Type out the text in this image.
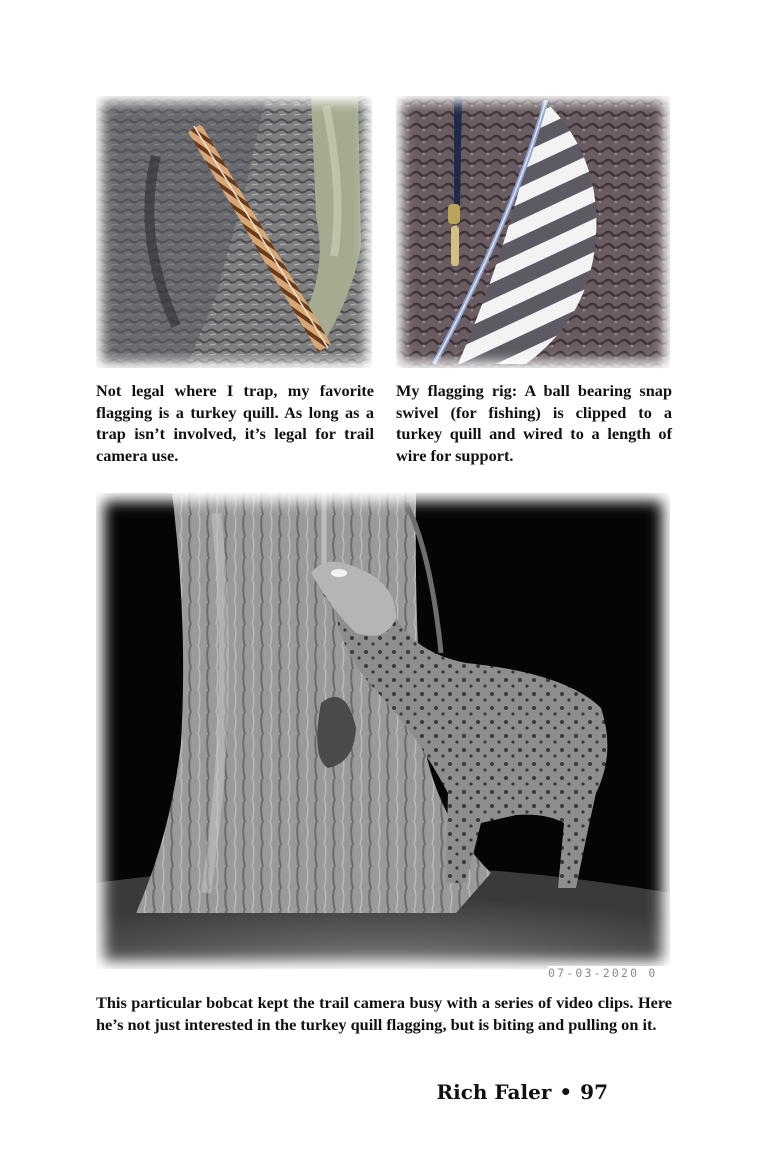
Not legal where I trap, my favorite flagging is a turkey quill. As long as a trap isn’t involved, it’s legal for trail camera use.

My flagging rig: A ball bearing snap swivel (for fishing) is clipped to a turkey quill and wired to a length of wire for support.

07-03-2020 0

This particular bobcat kept the trail camera busy with a series of video clips. Here he’s not just interested in the turkey quill flagging, but is biting and pulling on it.

Rich Faler • 97
